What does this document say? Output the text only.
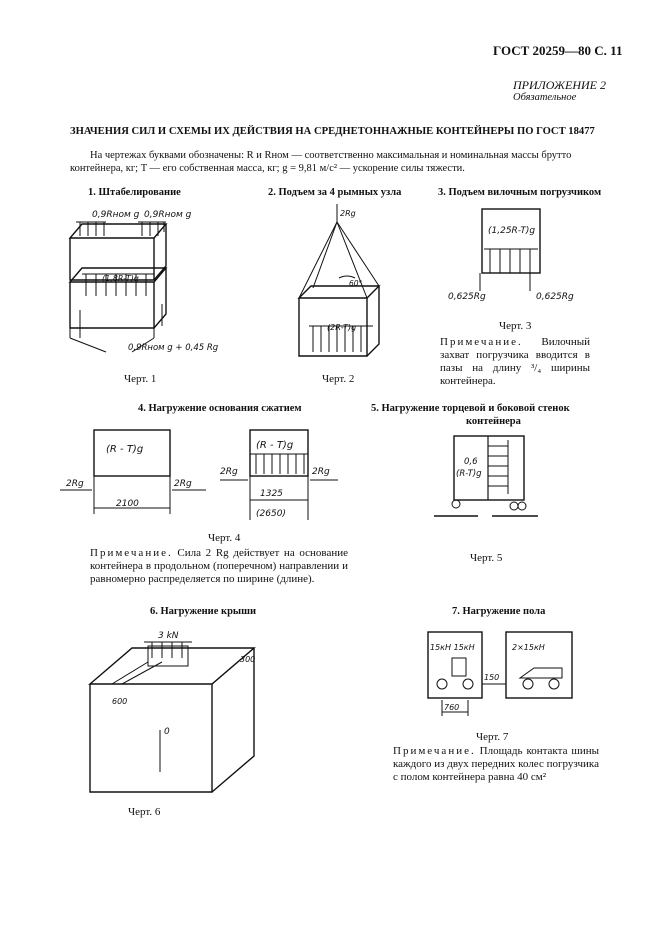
ГОСТ 20259—80 С. 11
ПРИЛОЖЕНИЕ 2
Обязательное
ЗНАЧЕНИЯ СИЛ И СХЕМЫ ИХ ДЕЙСТВИЯ НА СРЕДНЕТОННАЖНЫЕ КОНТЕЙНЕРЫ ПО ГОСТ 18477
На чертежах буквами обозначены: R и Rном — соответственно максимальная и номинальная массы брутто
контейнера, кг; T — его собственная масса, кг; g = 9,81 м/с² — ускорение силы тяжести.
1. Штабелирование	2. Подъем за 4 рымных узла	3. Подъем вилочным погрузчиком
0,9Rном g 0,9Rном g
(1,8R-T)g
0,9Rном g + 0,45 Rg
Черт. 1
2Rg
60°
(2R-T)g
Черт. 2
(1,25R-T)g
0,625Rg	0,625Rg
Черт. 3
Примечание. Вилочный захват погрузчика вводится в пазы на длину ³/₄ ширины контейнера.
4. Нагружение основания сжатием	5. Нагружение торцевой и боковой стенок
контейнера
(R - T)g
2Rg	2Rg
2100
(R - T)g
2Rg	2Rg
1325
(2650)
Черт. 4
Примечание. Сила 2 Rg действует на основание контейнера в продольном (поперечном) направлении и равномерно распределяется по ширине (длине).
0,6
(R-T)g
Черт. 5
6. Нагружение крыши	7. Нагружение пола
3 kN
300
600
0
Черт. 6
15кН 15кН	2×15кН
150
760
Черт. 7
Примечание. Площадь контакта шины каждого из двух передних колес погрузчика с полом контейнера равна 40 см²
